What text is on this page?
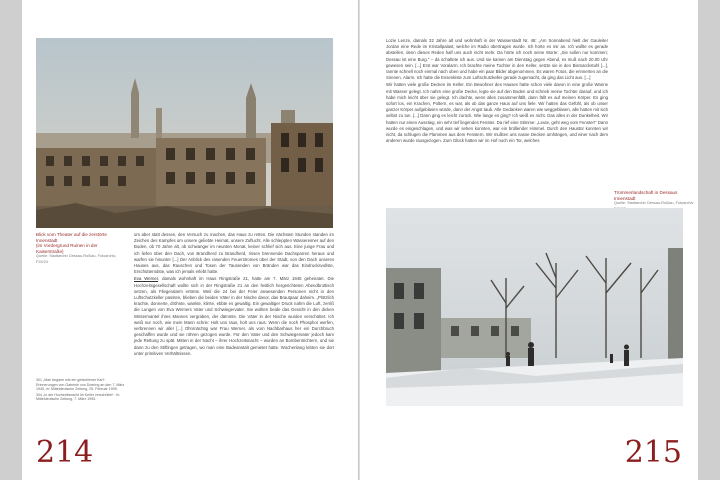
Blick vom Theater auf die zerstörte Innenstadt
(im Vordergrund Ruinen in der Kaiserstraße)
Quelle: Stadtarchiv Dessau-Roßlau, Fotoarchiv, F23/24

um aber statt dessen, den Versuch zu machen, das Haus zu retten. Die nächsten Stunden standen im Zeichen des Kampfes um unsere geliebte Heimat, unsere Zuflucht. Alle schleppten Wassereimer auf den Boden, ob 70 Jahre alt, ob schwanger im neunten Monat, keiner schlief sich aus. Eine junge Frau und ich liefen über den Dach, von Brandherd zu Brandherd, rissen brennende Dachsparren heraus und warfen sie hinunter [...] Der Anblick des rasenden Feuerstromes über der Stadt, von den Dach unseres Hauses aus, das Rauschen und Tosen der Tausenden von Bränden war das Eindrucksvollste, Erschütterndste, was ich jemals erlebt hatte.

Eva Werner, damals wohnhaft im Haus Ringstraße 21, hatte am 7. März 1945 geheiratet. Die Hochzeitsgesellschaft wollte sich in der Ringstraße 21 an den festlich hergerichteten Abendbrottisch setzen, als Fliegeralarm ertönte. Weil die 24 bei der Feier anwesenden Personen nicht in den Luftschutzkeller passten, blieben die beiden Väter in der Nische davor, das Brautpaar daheim. „Plötzlich krachte, donnerte, dröhnte, wankte, klirrte, ebbte es gewaltig. Ein gewaltiger Druck nahm die Luft, zerriß die Lungen von Eva Werners Vater und Schwiegervater. Sie wollten beide das Gesicht in den dicken Wintermantel ihres Mannes vergraben, der dämmte. Die Väter in der Nische wurden verschüttet. Ich weiß nur noch, wie mein Mann schrie: Holt uns raus, holt uns raus. Wenn die noch Phosphor werfen, verbrennen wir alle! [...] Ohnmächtig war Frau Werner, als vom Nachbarhaus her ein Durchbruch geschaffen wurde und sie röhren gezogen wurde. Für den Vater und den Schwiegervater jedoch kam jede Rettung zu spät. Mitten in der Nacht – ihrer Hochzeitsnacht – wurden an Bombentrichtern, und sie dann zu den Stiftingen getragen, wo man eine Badeanstalt gemietet hatte. Wochenlang lebten sie dort unter primitiven Verhältnissen.

301 „Man begann wie ein gestohlener Karl“. Erinnerungen von Gabriele von Doering an den 7. März 1945, In: Mitteldeutsche Zeitung, 25. Februar 1995.
304 „In der Hochzeitsnacht im Keller verschüttet“. In: Mitteldeutsche Zeitung, 7. März 1995.
214

Lozie Lenze, damals 32 Jahre alt und wohnhaft in der Wasserstadt Nr. 48: „Am Sonnabend hielt der Gauleiter Jordan eine Rede im Kristallpalast, welche im Radio übertragen wurde. Ich hörte es mir an. Ich wollte es gerade abstellen, denn dieses Reden half uns auch nicht mehr. Da hörte ich noch seine Worte: „Sie sollen nur kommen; Dessau ist eine Burg.“ – da schaltete ich aus. Und sie kamen am Dienstag gegen Abend, es muß nach 20.00 Uhr gewesen sein. [...] Erst war Voralarm. Ich brachte meine Tochter in den Keller, setzte sie in den Bismarckstuhl [...], rannte schnell noch einmal nach oben und habe ein paar Bilder abgenommen. Es waren Fotos, die erinnerten an die Sirenen, Alarm. Ich hatte die Essenkiste zum Luftschutzkeller gerade zugemacht, da ging das Licht aus. [...]

Wir hatten viele große Decken im Keller. Ein Bewohner des Hauses hatte schon viele davon in eine große Wanne mit Wasser gelegt. Ich nahm eine große Decke, legte sie auf den Boden und schrieb meine Tochter darauf, und ich habe mich leicht über sie gelegt. Ich dachte, wenn alles zusammenfällt, dann fällt es auf meinen Körper. Es ging sofort los, ein Krachen, Poltern, es war, als ob das ganze Haus auf uns fiele. Wir hatten das Gefühl, als ob unser ganzer Körper aufgeblasen würde, dann der Angst taub. Alle Gedanken waren wie weggeblasen, alle hatten mit sich selbst zu tun. [...] Dann ging es leicht zurück. Wie lange es ging? Ich weiß es nicht. Das alles in der Dunkelheit. Wir hatten nur einen Ausstieg, ein sehr tief liegendes Fenster. Da rief eine Stimme: „Leute, geht weg vom Fenster!“ Dann wurde es eingeschlagen, und was wir sehen konnten, war ein brüllender Himmel. Durch den Haustür konnten wir nicht, da schlugen die Flammen aus dem Fenstern. Wir mußten uns nasse Decken umhängen, und einer nach dem anderen wurde rausgezogen. Zum Glück hatten wir im Hof noch ein Tor, welches

Trümmerlandschaft in Dessaus Innenstadt
Quelle: Stadtarchiv Dessau-Roßlau, Fotoarchiv
215
